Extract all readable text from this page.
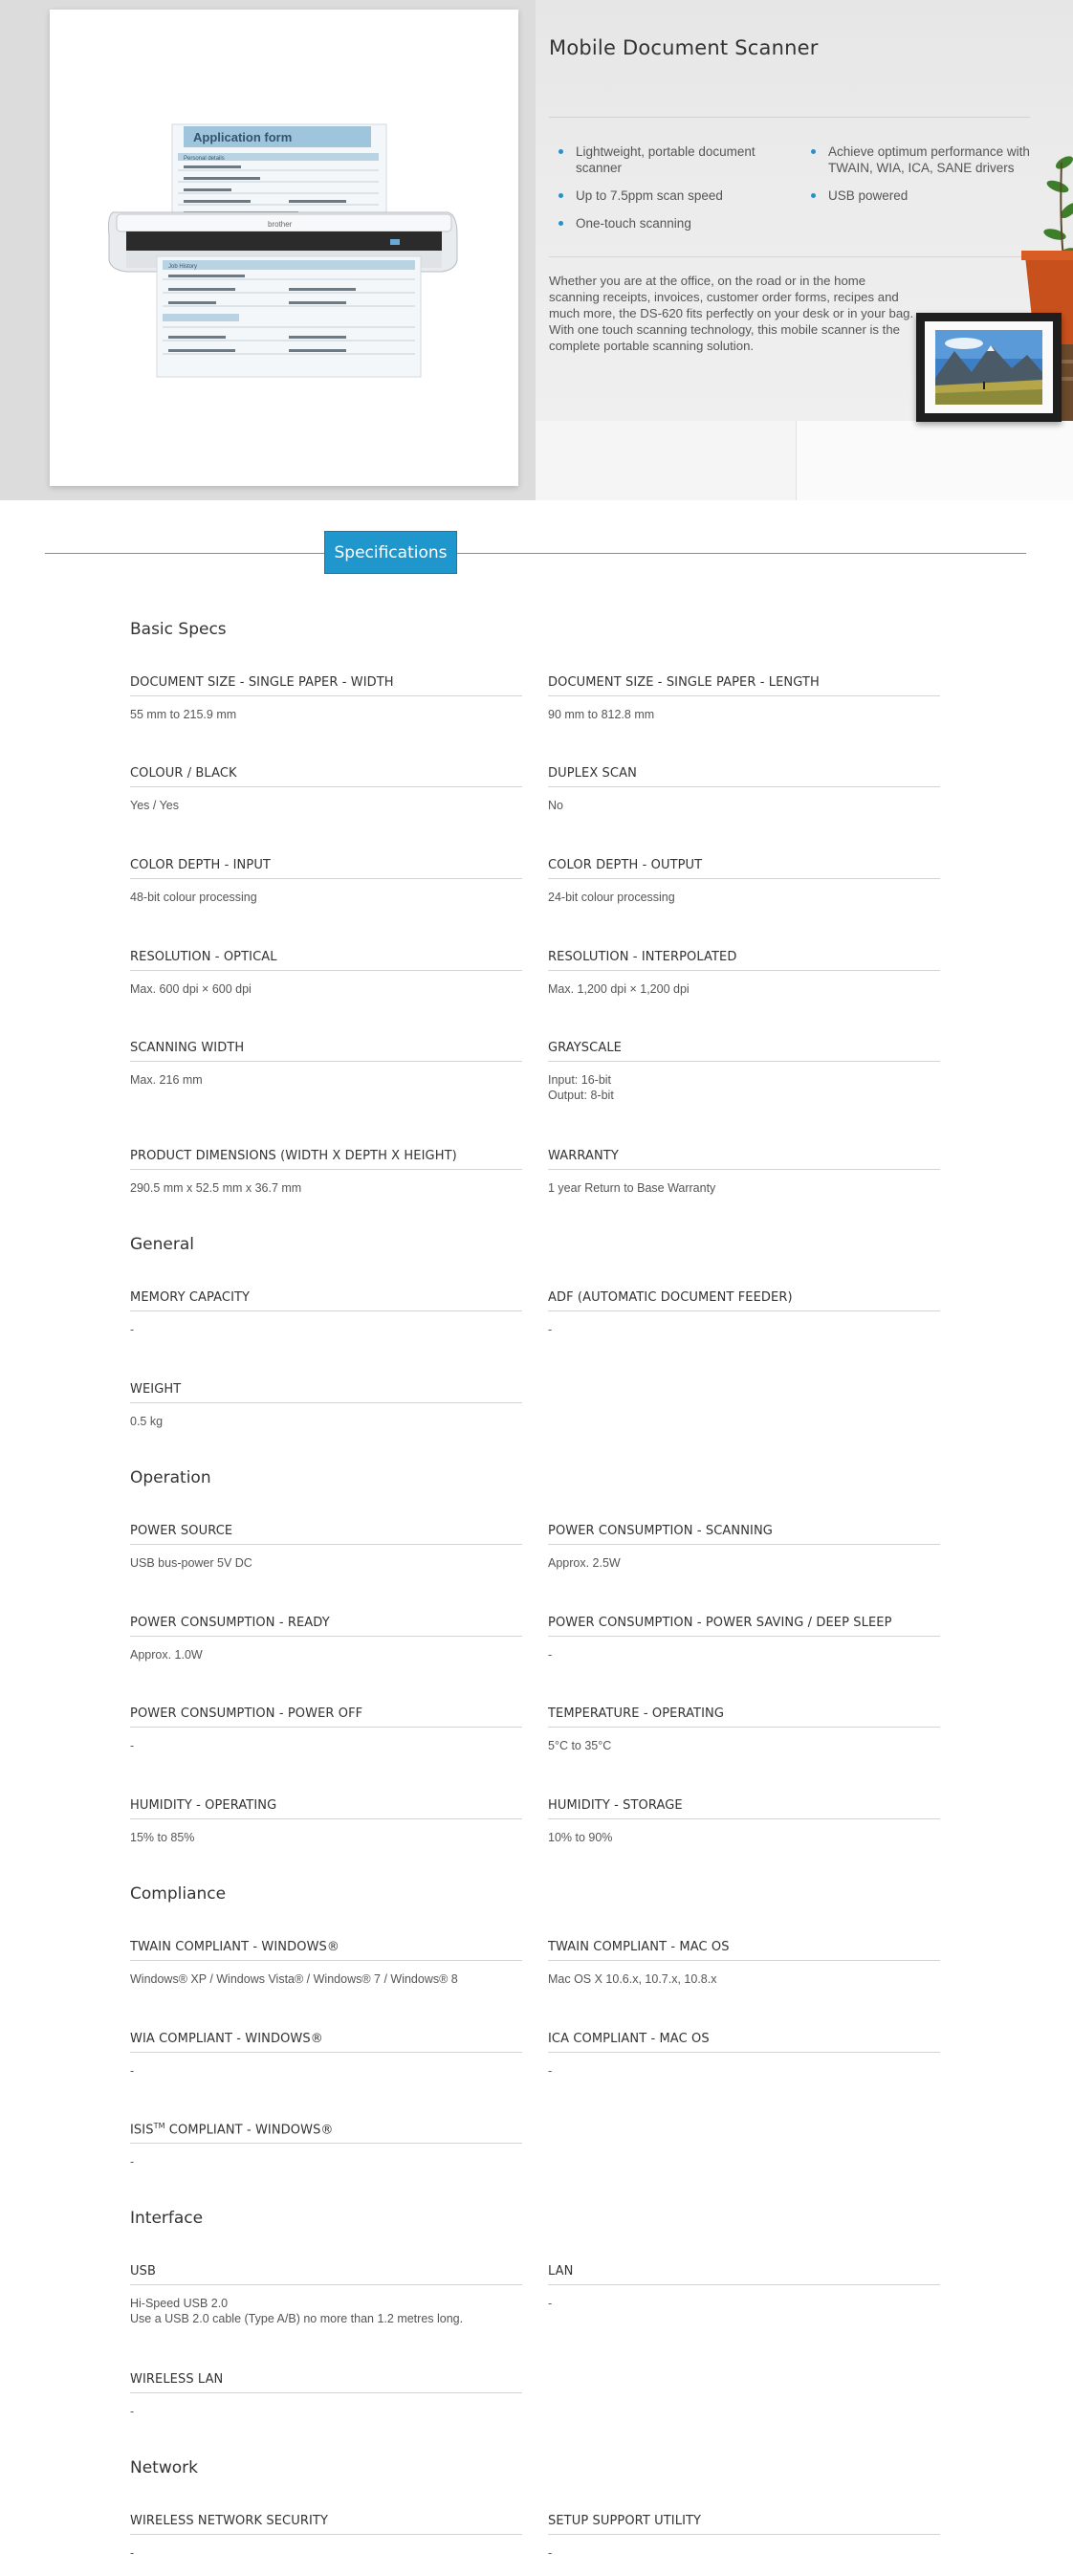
Application form
Personal details
brother
Job History
Mobile Document Scanner
Lightweight, portable document scanner
Up to 7.5ppm scan speed
One-touch scanning
Achieve optimum performance with TWAIN, WIA, ICA, SANE drivers
USB powered
Whether you are at the office, on the road or in the home scanning receipts, invoices, customer order forms, recipes and much more, the DS-620 fits perfectly on your desk or in your bag. With one touch scanning technology, this mobile scanner is the complete portable scanning solution.
Specifications
Basic Specs
DOCUMENT SIZE - SINGLE PAPER - WIDTH
55 mm to 215.9 mm
DOCUMENT SIZE - SINGLE PAPER - LENGTH
90 mm to 812.8 mm
COLOUR / BLACK
Yes / Yes
DUPLEX SCAN
No
COLOR DEPTH - INPUT
48-bit colour processing
COLOR DEPTH - OUTPUT
24-bit colour processing
RESOLUTION - OPTICAL
Max. 600 dpi × 600 dpi
RESOLUTION - INTERPOLATED
Max. 1,200 dpi × 1,200 dpi
SCANNING WIDTH
Max. 216 mm
GRAYSCALE
Input: 16-bit
Output: 8-bit
PRODUCT DIMENSIONS (WIDTH X DEPTH X HEIGHT)
290.5 mm x 52.5 mm x 36.7 mm
WARRANTY
1 year Return to Base Warranty
General
MEMORY CAPACITY
-
ADF (AUTOMATIC DOCUMENT FEEDER)
-
WEIGHT
0.5 kg
Operation
POWER SOURCE
USB bus-power 5V DC
POWER CONSUMPTION - SCANNING
Approx. 2.5W
POWER CONSUMPTION - READY
Approx. 1.0W
POWER CONSUMPTION - POWER SAVING / DEEP SLEEP
-
POWER CONSUMPTION - POWER OFF
-
TEMPERATURE - OPERATING
5°C to 35°C
HUMIDITY - OPERATING
15% to 85%
HUMIDITY - STORAGE
10% to 90%
Compliance
TWAIN COMPLIANT - WINDOWS®
Windows® XP / Windows Vista® / Windows® 7 / Windows® 8
TWAIN COMPLIANT - MAC OS
Mac OS X 10.6.x, 10.7.x, 10.8.x
WIA COMPLIANT - WINDOWS®
-
ICA COMPLIANT - MAC OS
-
ISIS™ COMPLIANT - WINDOWS®
-
Interface
USB
Hi-Speed USB 2.0
Use a USB 2.0 cable (Type A/B) no more than 1.2 metres long.
LAN
-
WIRELESS LAN
-
Network
WIRELESS NETWORK SECURITY
-
SETUP SUPPORT UTILITY
-
